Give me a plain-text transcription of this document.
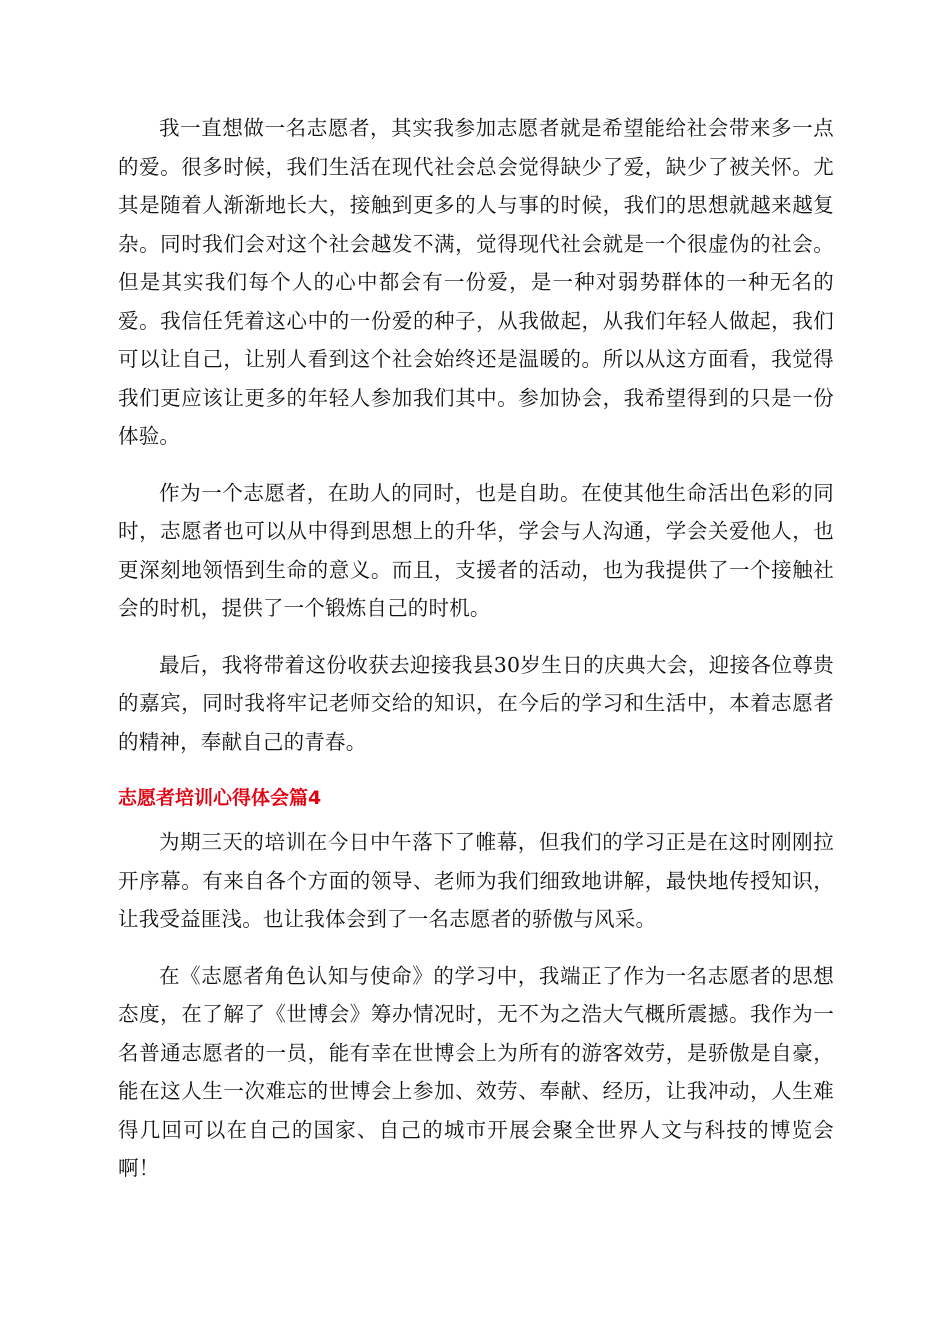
我一直想做一名志愿者，其实我参加志愿者就是希望能给社会带来多一点的爱。很多时候，我们生活在现代社会总会觉得缺少了爱，缺少了被关怀。尤其是随着人渐渐地长大，接触到更多的人与事的时候，我们的思想就越来越复杂。同时我们会对这个社会越发不满，觉得现代社会就是一个很虚伪的社会。但是其实我们每个人的心中都会有一份爱，是一种对弱势群体的一种无名的爱。我信任凭着这心中的一份爱的种子，从我做起，从我们年轻人做起，我们可以让自己，让别人看到这个社会始终还是温暖的。所以从这方面看，我觉得我们更应该让更多的年轻人参加我们其中。参加协会，我希望得到的只是一份体验。

作为一个志愿者，在助人的同时，也是自助。在使其他生命活出色彩的同时，志愿者也可以从中得到思想上的升华，学会与人沟通，学会关爱他人，也更深刻地领悟到生命的意义。而且，支援者的活动，也为我提供了一个接触社会的时机，提供了一个锻炼自己的时机。

最后，我将带着这份收获去迎接我县30岁生日的庆典大会，迎接各位尊贵的嘉宾，同时我将牢记老师交给的知识，在今后的学习和生活中，本着志愿者的精神，奉献自己的青春。

志愿者培训心得体会篇4

为期三天的培训在今日中午落下了帷幕，但我们的学习正是在这时刚刚拉开序幕。有来自各个方面的领导、老师为我们细致地讲解，最快地传授知识，让我受益匪浅。也让我体会到了一名志愿者的骄傲与风采。

在《志愿者角色认知与使命》的学习中，我端正了作为一名志愿者的思想态度，在了解了《世博会》筹办情况时，无不为之浩大气概所震撼。我作为一名普通志愿者的一员，能有幸在世博会上为所有的游客效劳，是骄傲是自豪，能在这人生一次难忘的世博会上参加、效劳、奉献、经历，让我冲动，人生难得几回可以在自己的国家、自己的城市开展会聚全世界人文与科技的博览会啊！
